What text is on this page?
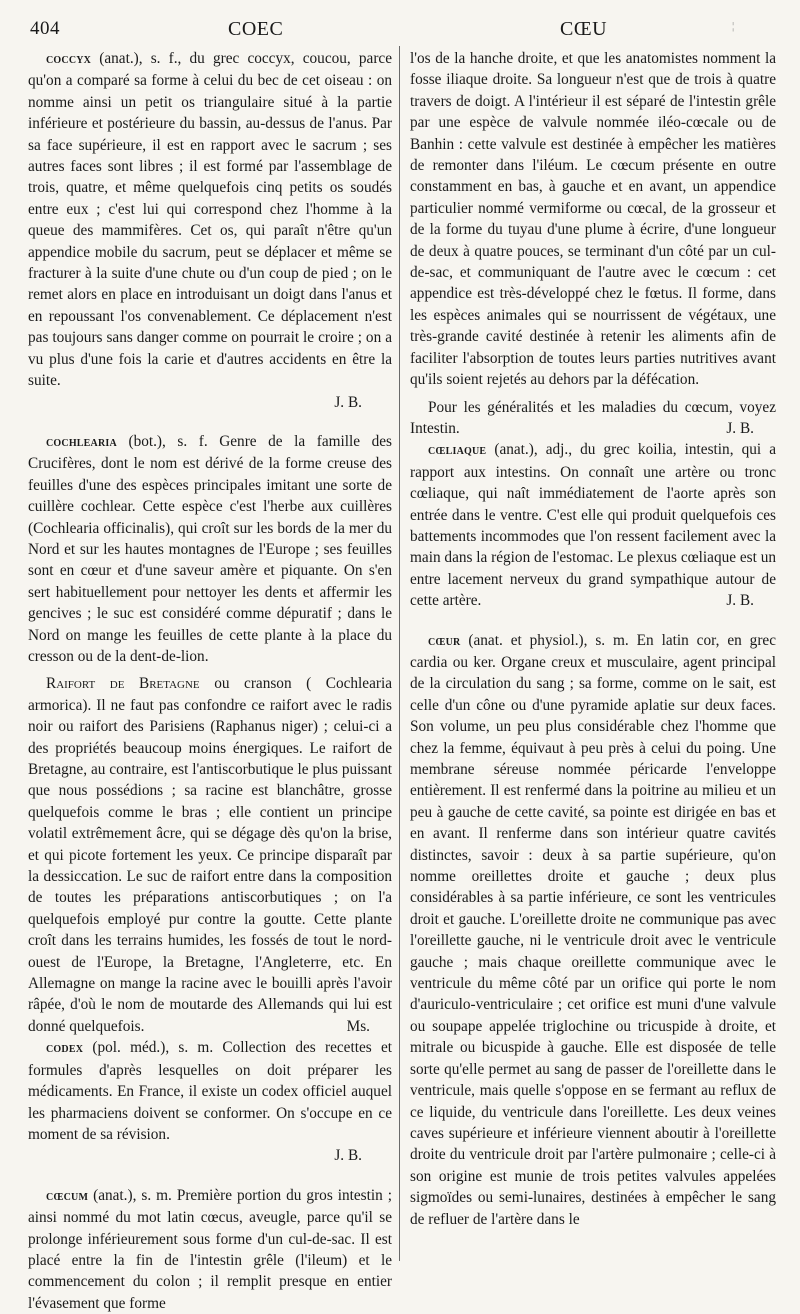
404	COEC	CŒU	¦

coccyx (anat.), s. f., du grec coccyx, coucou, parce qu'on a comparé sa forme à celui du bec de cet oiseau : on nomme ainsi un petit os triangulaire situé à la partie inférieure et postérieure du bassin, au-dessus de l'anus. Par sa face supérieure, il est en rapport avec le sacrum ; ses autres faces sont libres ; il est formé par l'assemblage de trois, quatre, et même quelquefois cinq petits os soudés entre eux ; c'est lui qui correspond chez l'homme à la queue des mammifères. Cet os, qui paraît n'être qu'un appendice mobile du sacrum, peut se déplacer et même se fracturer à la suite d'une chute ou d'un coup de pied ; on le remet alors en place en introduisant un doigt dans l'anus et en repoussant l'os convenablement. Ce déplacement n'est pas toujours sans danger comme on pourrait le croire ; on a vu plus d'une fois la carie et d'autres accidents en être la suite.
J. B.

cochlearia (bot.), s. f. Genre de la famille des Crucifères, dont le nom est dérivé de la forme creuse des feuilles d'une des espèces principales imitant une sorte de cuillère cochlear. Cette espèce c'est l'herbe aux cuillères (Cochlearia officinalis), qui croît sur les bords de la mer du Nord et sur les hautes montagnes de l'Europe ; ses feuilles sont en cœur et d'une saveur amère et piquante. On s'en sert habituellement pour nettoyer les dents et affermir les gencives ; le suc est considéré comme dépuratif ; dans le Nord on mange les feuilles de cette plante à la place du cresson ou de la dent-de-lion.

Raifort de Bretagne ou cranson ( Cochlearia armorica). Il ne faut pas confondre ce raifort avec le radis noir ou raifort des Parisiens (Raphanus niger) ; celui-ci a des propriétés beaucoup moins énergiques. Le raifort de Bretagne, au contraire, est l'antiscorbutique le plus puissant que nous possédions ; sa racine est blanchâtre, grosse quelquefois comme le bras ; elle contient un principe volatil extrêmement âcre, qui se dégage dès qu'on la brise, et qui picote fortement les yeux. Ce principe disparaît par la dessiccation. Le suc de raifort entre dans la composition de toutes les préparations antiscorbutiques ; on l'a quelquefois employé pur contre la goutte. Cette plante croît dans les terrains humides, les fossés de tout le nord-ouest de l'Europe, la Bretagne, l'Angleterre, etc. En Allemagne on mange la racine avec le bouilli après l'avoir râpée, d'où le nom de moutarde des Allemands qui lui est donné quelquefois.	Ms.

codex (pol. méd.), s. m. Collection des recettes et formules d'après lesquelles on doit préparer les médicaments. En France, il existe un codex officiel auquel les pharmaciens doivent se conformer. On s'occupe en ce moment de sa révision.
J. B.

cœcum (anat.), s. m. Première portion du gros intestin ; ainsi nommé du mot latin cœcus, aveugle, parce qu'il se prolonge inférieurement sous forme d'un cul-de-sac. Il est placé entre la fin de l'intestin grêle (l'ileum) et le commencement du colon ; il remplit presque en entier l'évasement que forme

l'os de la hanche droite, et que les anatomistes nomment la fosse iliaque droite. Sa longueur n'est que de trois à quatre travers de doigt. A l'intérieur il est séparé de l'intestin grêle par une espèce de valvule nommée iléo-cœcale ou de Banhin : cette valvule est destinée à empêcher les matières de remonter dans l'iléum. Le cœcum présente en outre constamment en bas, à gauche et en avant, un appendice particulier nommé vermiforme ou cœcal, de la grosseur et de la forme du tuyau d'une plume à écrire, d'une longueur de deux à quatre pouces, se terminant d'un côté par un cul-de-sac, et communiquant de l'autre avec le cœcum : cet appendice est très-développé chez le fœtus. Il forme, dans les espèces animales qui se nourrissent de végétaux, une très-grande cavité destinée à retenir les aliments afin de faciliter l'absorption de toutes leurs parties nutritives avant qu'ils soient rejetés au dehors par la défécation.

Pour les généralités et les maladies du cœcum, voyez Intestin.	J. B.

cœliaque (anat.), adj., du grec koilia, intestin, qui a rapport aux intestins. On connaît une artère ou tronc cœliaque, qui naît immédiatement de l'aorte après son entrée dans le ventre. C'est elle qui produit quelquefois ces battements incommodes que l'on ressent facilement avec la main dans la région de l'estomac. Le plexus cœliaque est un entre lacement nerveux du grand sympathique autour de cette artère.	J. B.

cœur (anat. et physiol.), s. m. En latin cor, en grec cardia ou ker. Organe creux et musculaire, agent principal de la circulation du sang ; sa forme, comme on le sait, est celle d'un cône ou d'une pyramide aplatie sur deux faces. Son volume, un peu plus considérable chez l'homme que chez la femme, équivaut à peu près à celui du poing. Une membrane séreuse nommée péricarde l'enveloppe entièrement. Il est renfermé dans la poitrine au milieu et un peu à gauche de cette cavité, sa pointe est dirigée en bas et en avant. Il renferme dans son intérieur quatre cavités distinctes, savoir : deux à sa partie supérieure, qu'on nomme oreillettes droite et gauche ; deux plus considérables à sa partie inférieure, ce sont les ventricules droit et gauche. L'oreillette droite ne communique pas avec l'oreillette gauche, ni le ventricule droit avec le ventricule gauche ; mais chaque oreillette communique avec le ventricule du même côté par un orifice qui porte le nom d'auriculo-ventriculaire ; cet orifice est muni d'une valvule ou soupape appelée triglochine ou tricuspide à droite, et mitrale ou bicuspide à gauche. Elle est disposée de telle sorte qu'elle permet au sang de passer de l'oreillette dans le ventricule, mais quelle s'oppose en se fermant au reflux de ce liquide, du ventricule dans l'oreillette. Les deux veines caves supérieure et inférieure viennent aboutir à l'oreillette droite du ventricule droit par l'artère pulmonaire ; celle-ci à son origine est munie de trois petites valvules appelées sigmoïdes ou semi-lunaires, destinées à empêcher le sang de refluer de l'artère dans le
